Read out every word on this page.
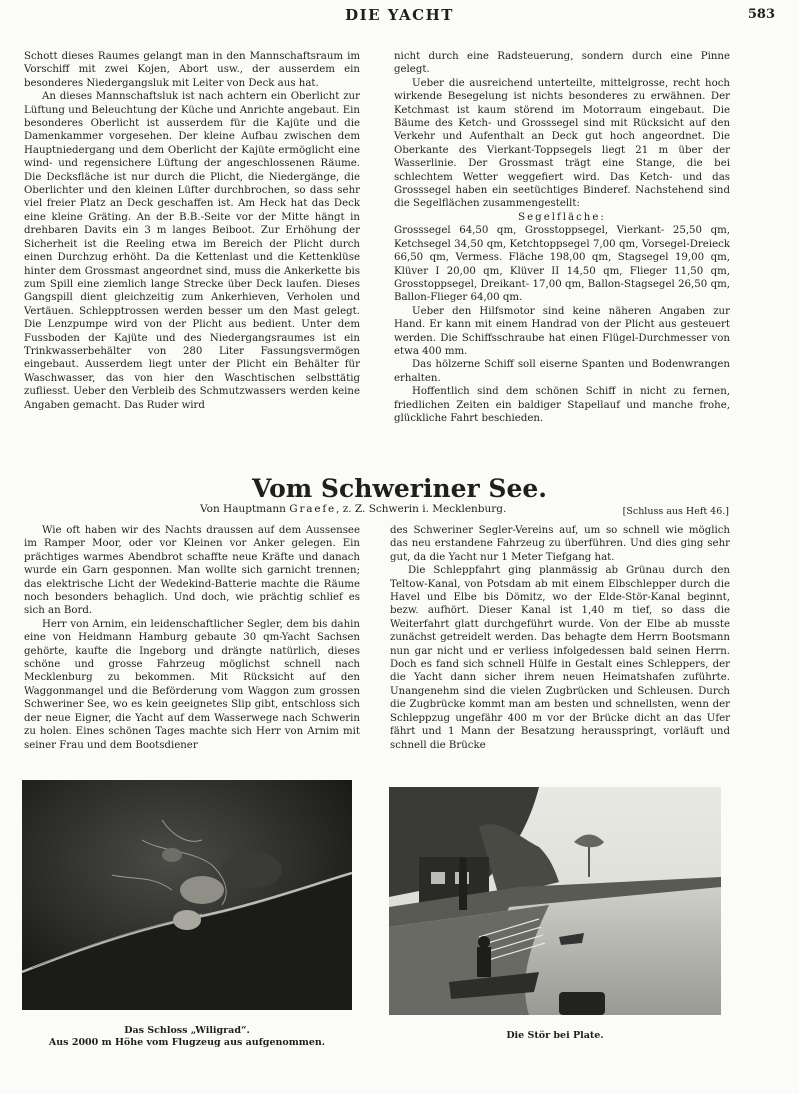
DIE YACHT	583

Schott dieses Raumes gelangt man in den Mannschaftsraum im Vorschiff mit zwei Kojen, Abort usw., der ausserdem ein besonderes Niedergangsluk mit Leiter von Deck aus hat.

An dieses Mannschaftsluk ist nach achtern ein Oberlicht zur Lüftung und Beleuchtung der Küche und Anrichte angebaut. Ein besonderes Oberlicht ist ausserdem für die Kajüte und die Damenkammer vorgesehen. Der kleine Aufbau zwischen dem Hauptniedergang und dem Oberlicht der Kajüte ermöglicht eine wind- und regensichere Lüftung der angeschlossenen Räume. Die Decksfläche ist nur durch die Plicht, die Niedergänge, die Oberlichter und den kleinen Lüfter durchbrochen, so dass sehr viel freier Platz an Deck geschaffen ist. Am Heck hat das Deck eine kleine Gräting. An der B.B.-Seite vor der Mitte hängt in drehbaren Davits ein 3 m langes Beiboot. Zur Erhöhung der Sicherheit ist die Reeling etwa im Bereich der Plicht durch einen Durchzug erhöht. Da die Kettenlast und die Kettenklüse hinter dem Grossmast angeordnet sind, muss die Ankerkette bis zum Spill eine ziemlich lange Strecke über Deck laufen. Dieses Gangspill dient gleichzeitig zum Ankerhieven, Verholen und Vertäuen. Schlepptrossen werden besser um den Mast gelegt. Die Lenzpumpe wird von der Plicht aus bedient. Unter dem Fussboden der Kajüte und des Niedergangsraumes ist ein Trinkwasserbehälter von 280 Liter Fassungsvermögen eingebaut. Ausserdem liegt unter der Plicht ein Behälter für Waschwasser, das von hier den Waschtischen selbsttätig zufliesst. Ueber den Verbleib des Schmutzwassers werden keine Angaben gemacht. Das Ruder wird

nicht durch eine Radsteuerung, sondern durch eine Pinne gelegt.

Ueber die ausreichend unterteilte, mittelgrosse, recht hoch wirkende Besegelung ist nichts besonderes zu erwähnen. Der Ketchmast ist kaum störend im Motorraum eingebaut. Die Bäume des Ketch- und Grosssegel sind mit Rücksicht auf den Verkehr und Aufenthalt an Deck gut hoch angeordnet. Die Oberkante des Vierkant-Toppsegels liegt 21 m über der Wasserlinie. Der Grossmast trägt eine Stange, die bei schlechtem Wetter weggefiert wird. Das Ketch- und das Grosssegel haben ein seetüchtiges Binderef. Nachstehend sind die Segelflächen zusammengestellt:

Segelfläche:

Grosssegel 64,50 qm, Grosstoppsegel, Vierkant- 25,50 qm, Ketchsegel 34,50 qm, Ketchtoppsegel 7,00 qm, Vorsegel-Dreieck 66,50 qm, Vermess. Fläche 198,00 qm, Stagsegel 19,00 qm, Klüver I 20,00 qm, Klüver II 14,50 qm, Flieger 11,50 qm, Grosstoppsegel, Dreikant- 17,00 qm, Ballon-Stagsegel 26,50 qm, Ballon-Flieger 64,00 qm.

Ueber den Hilfsmotor sind keine näheren Angaben zur Hand. Er kann mit einem Handrad von der Plicht aus gesteuert werden. Die Schiffsschraube hat einen Flügel-Durchmesser von etwa 400 mm.

Das hölzerne Schiff soll eiserne Spanten und Bodenwrangen erhalten.

Hoffentlich sind dem schönen Schiff in nicht zu fernen, friedlichen Zeiten ein baldiger Stapellauf und manche frohe, glückliche Fahrt beschieden.

Vom Schweriner See.
Von Hauptmann Graefe, z. Z. Schwerin i. Mecklenburg.	[Schluss aus Heft 46.]

Wie oft haben wir des Nachts draussen auf dem Aussensee im Ramper Moor, oder vor Kleinen vor Anker gelegen. Ein prächtiges warmes Abendbrot schaffte neue Kräfte und danach wurde ein Garn gesponnen. Man wollte sich garnicht trennen; das elektrische Licht der Wedekind-Batterie machte die Räume noch besonders behaglich. Und doch, wie prächtig schlief es sich an Bord.

Herr von Arnim, ein leidenschaftlicher Segler, dem bis dahin eine von Heidmann Hamburg gebaute 30 qm-Yacht Sachsen gehörte, kaufte die Ingeborg und drängte natürlich, dieses schöne und grosse Fahrzeug möglichst schnell nach Mecklenburg zu bekommen. Mit Rücksicht auf den Waggonmangel und die Beförderung vom Waggon zum grossen Schweriner See, wo es kein geeignetes Slip gibt, entschloss sich der neue Eigner, die Yacht auf dem Wasserwege nach Schwerin zu holen. Eines schönen Tages machte sich Herr von Arnim mit seiner Frau und dem Bootsdiener

des Schweriner Segler-Vereins auf, um so schnell wie möglich das neu erstandene Fahrzeug zu überführen. Und dies ging sehr gut, da die Yacht nur 1 Meter Tiefgang hat.

Die Schleppfahrt ging planmässig ab Grünau durch den Teltow-Kanal, von Potsdam ab mit einem Elbschlepper durch die Havel und Elbe bis Dömitz, wo der Elde-Stör-Kanal beginnt, bezw. aufhört. Dieser Kanal ist 1,40 m tief, so dass die Weiterfahrt glatt durchgeführt wurde. Von der Elbe ab musste zunächst getreidelt werden. Das behagte dem Herrn Bootsmann nun gar nicht und er verliess infolgedessen bald seinen Herrn. Doch es fand sich schnell Hülfe in Gestalt eines Schleppers, der die Yacht dann sicher ihrem neuen Heimatshafen zuführte. Unangenehm sind die vielen Zugbrücken und Schleusen. Durch die Zugbrücke kommt man am besten und schnellsten, wenn der Schleppzug ungefähr 400 m vor der Brücke dicht an das Ufer fährt und 1 Mann der Besatzung herausspringt, vorläuft und schnell die Brücke

Das Schloss „Wiligrad“.
Aus 2000 m Höhe vom Flugzeug aus aufgenommen.
Die Stör bei Plate.
